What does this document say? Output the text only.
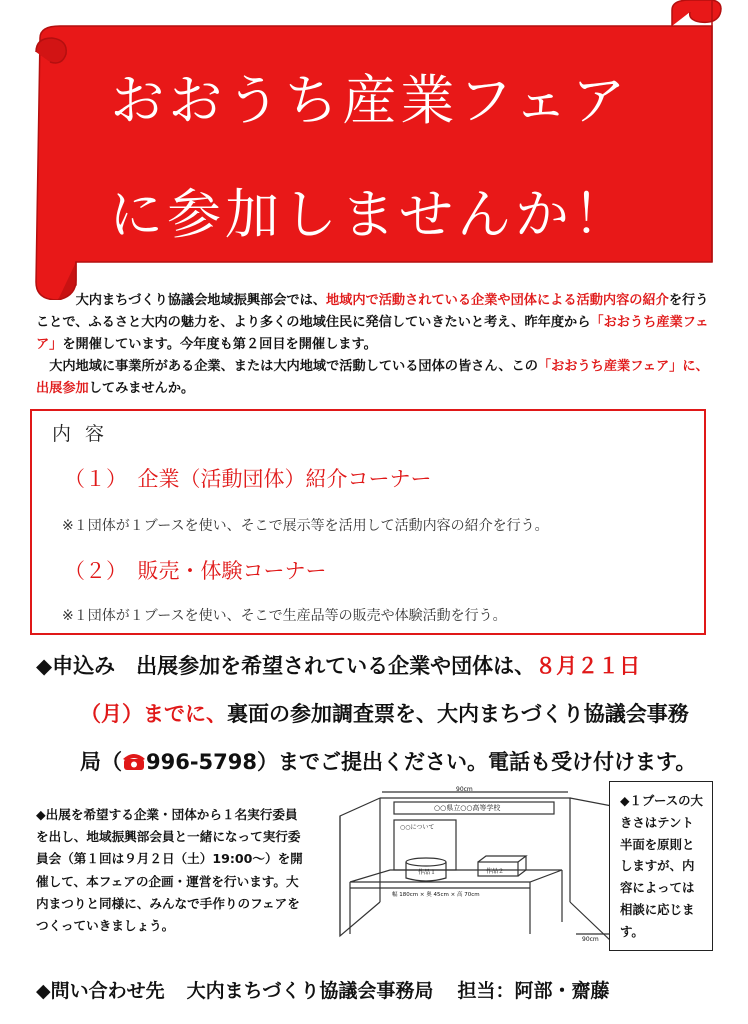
おおうち産業フェア
に参加しませんか！

   大内まちづくり協議会地域振興部会では、地域内で活動されている企業や団体による活動内容の紹介を行うことで、ふるさと大内の魅力を、より多くの地域住民に発信していきたいと考え、昨年度から「おおうち産業フェア」を開催しています。今年度も第２回目を開催します。

 大内地域に事業所がある企業、または大内地域で活動している団体の皆さん、この「おおうち産業フェア」に、出展参加してみませんか。

内容
（１）　企業（活動団体）紹介コーナー
※１団体が１ブースを使い、そこで展示等を活用して活動内容の紹介を行う。
（２）　販売・体験コーナー
※１団体が１ブースを使い、そこで生産品等の販売や体験活動を行う。
◆申込み　出展参加を希望されている企業や団体は、８月２１日
（月）までに、裏面の参加調査票を、大内まちづくり協議会事務
局（ 996-5798）までご提出ください。電話も受け付けます。
◆出展を希望する企業・団体から１名実行委員を出し、地域振興部会員と一緒になって実行委員会（第１回は９月２日（土）19:00～）を開催して、本フェアの企画・運営を行います。大内まつりと同様に、みんなで手作りのフェアをつくっていきましょう。
90cm
○○県立○○高等学校
○○について
作品１	作品２
幅 180cm × 奥 45cm × 高 70cm
90cm
◆１ブースの大きさはテント半面を原則としますが、内容によっては相談に応じます。
◆問い合わせ先 大内まちづくり協議会事務局 担当：阿部・齋藤
